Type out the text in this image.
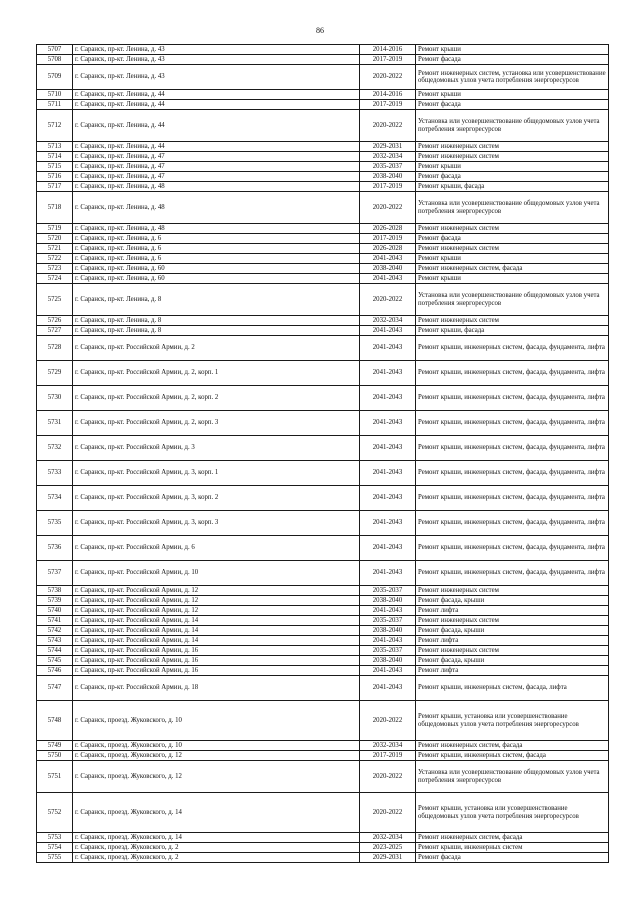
86
5707	г. Саранск, пр-кт. Ленина, д. 43	2014-2016	Ремонт крыши
5708	г. Саранск, пр-кт. Ленина, д. 43	2017-2019	Ремонт фасада
5709	г. Саранск, пр-кт. Ленина, д. 43	2020-2022	Ремонт инженерных систем, установка или усовершенствование общедомовых узлов учета потребления энергоресурсов
5710	г. Саранск, пр-кт. Ленина, д. 44	2014-2016	Ремонт крыши
5711	г. Саранск, пр-кт. Ленина, д. 44	2017-2019	Ремонт фасада
5712	г. Саранск, пр-кт. Ленина, д. 44	2020-2022	Установка или усовершенствование общедомовых узлов учета потребления энергоресурсов
5713	г. Саранск, пр-кт. Ленина, д. 44	2029-2031	Ремонт инженерных систем
5714	г. Саранск, пр-кт. Ленина, д. 47	2032-2034	Ремонт инженерных систем
5715	г. Саранск, пр-кт. Ленина, д. 47	2035-2037	Ремонт крыши
5716	г. Саранск, пр-кт. Ленина, д. 47	2038-2040	Ремонт фасада
5717	г. Саранск, пр-кт. Ленина, д. 48	2017-2019	Ремонт крыши, фасада
5718	г. Саранск, пр-кт. Ленина, д. 48	2020-2022	Установка или усовершенствование общедомовых узлов учета потребления энергоресурсов
5719	г. Саранск, пр-кт. Ленина, д. 48	2026-2028	Ремонт инженерных систем
5720	г. Саранск, пр-кт. Ленина, д. 6	2017-2019	Ремонт фасада
5721	г. Саранск, пр-кт. Ленина, д. 6	2026-2028	Ремонт инженерных систем
5722	г. Саранск, пр-кт. Ленина, д. 6	2041-2043	Ремонт крыши
5723	г. Саранск, пр-кт. Ленина, д. 60	2038-2040	Ремонт инженерных систем, фасада
5724	г. Саранск, пр-кт. Ленина, д. 60	2041-2043	Ремонт крыши
5725	г. Саранск, пр-кт. Ленина, д. 8	2020-2022	Установка или усовершенствование общедомовых узлов учета потребления энергоресурсов
5726	г. Саранск, пр-кт. Ленина, д. 8	2032-2034	Ремонт инженерных систем
5727	г. Саранск, пр-кт. Ленина, д. 8	2041-2043	Ремонт крыши, фасада
5728	г. Саранск, пр-кт. Российской Армии, д. 2	2041-2043	Ремонт крыши, инженерных систем, фасада, фундамента, лифта
5729	г. Саранск, пр-кт. Российской Армии, д. 2, корп. 1	2041-2043	Ремонт крыши, инженерных систем, фасада, фундамента, лифта
5730	г. Саранск, пр-кт. Российской Армии, д. 2, корп. 2	2041-2043	Ремонт крыши, инженерных систем, фасада, фундамента, лифта
5731	г. Саранск, пр-кт. Российской Армии, д. 2, корп. 3	2041-2043	Ремонт крыши, инженерных систем, фасада, фундамента, лифта
5732	г. Саранск, пр-кт. Российской Армии, д. 3	2041-2043	Ремонт крыши, инженерных систем, фасада, фундамента, лифта
5733	г. Саранск, пр-кт. Российской Армии, д. 3, корп. 1	2041-2043	Ремонт крыши, инженерных систем, фасада, фундамента, лифта
5734	г. Саранск, пр-кт. Российской Армии, д. 3, корп. 2	2041-2043	Ремонт крыши, инженерных систем, фасада, фундамента, лифта
5735	г. Саранск, пр-кт. Российской Армии, д. 3, корп. 3	2041-2043	Ремонт крыши, инженерных систем, фасада, фундамента, лифта
5736	г. Саранск, пр-кт. Российской Армии, д. 6	2041-2043	Ремонт крыши, инженерных систем, фасада, фундамента, лифта
5737	г. Саранск, пр-кт. Российской Армии, д. 10	2041-2043	Ремонт крыши, инженерных систем, фасада, фундамента, лифта
5738	г. Саранск, пр-кт. Российской Армии, д. 12	2035-2037	Ремонт инженерных систем
5739	г. Саранск, пр-кт. Российской Армии, д. 12	2038-2040	Ремонт фасада, крыши
5740	г. Саранск, пр-кт. Российской Армии, д. 12	2041-2043	Ремонт лифта
5741	г. Саранск, пр-кт. Российской Армии, д. 14	2035-2037	Ремонт инженерных систем
5742	г. Саранск, пр-кт. Российской Армии, д. 14	2038-2040	Ремонт фасада, крыши
5743	г. Саранск, пр-кт. Российской Армии, д. 14	2041-2043	Ремонт лифта
5744	г. Саранск, пр-кт. Российской Армии, д. 16	2035-2037	Ремонт инженерных систем
5745	г. Саранск, пр-кт. Российской Армии, д. 16	2038-2040	Ремонт фасада, крыши
5746	г. Саранск, пр-кт. Российской Армии, д. 16	2041-2043	Ремонт лифта
5747	г. Саранск, пр-кт. Российской Армии, д. 18	2041-2043	Ремонт крыши, инженерных систем, фасада, лифта
5748	г. Саранск, проезд. Жуковского, д. 10	2020-2022	Ремонт крыши, установка или усовершенствование общедомовых узлов учета потребления энергоресурсов
5749	г. Саранск, проезд. Жуковского, д. 10	2032-2034	Ремонт инженерных систем, фасада
5750	г. Саранск, проезд. Жуковского, д. 12	2017-2019	Ремонт крыши, инженерных систем, фасада
5751	г. Саранск, проезд. Жуковского, д. 12	2020-2022	Установка или усовершенствование общедомовых узлов учета потребления энергоресурсов
5752	г. Саранск, проезд. Жуковского, д. 14	2020-2022	Ремонт крыши, установка или усовершенствование общедомовых узлов учета потребления энергоресурсов
5753	г. Саранск, проезд. Жуковского, д. 14	2032-2034	Ремонт инженерных систем, фасада
5754	г. Саранск, проезд. Жуковского, д. 2	2023-2025	Ремонт крыши, инженерных систем
5755	г. Саранск, проезд. Жуковского, д. 2	2029-2031	Ремонт фасада
